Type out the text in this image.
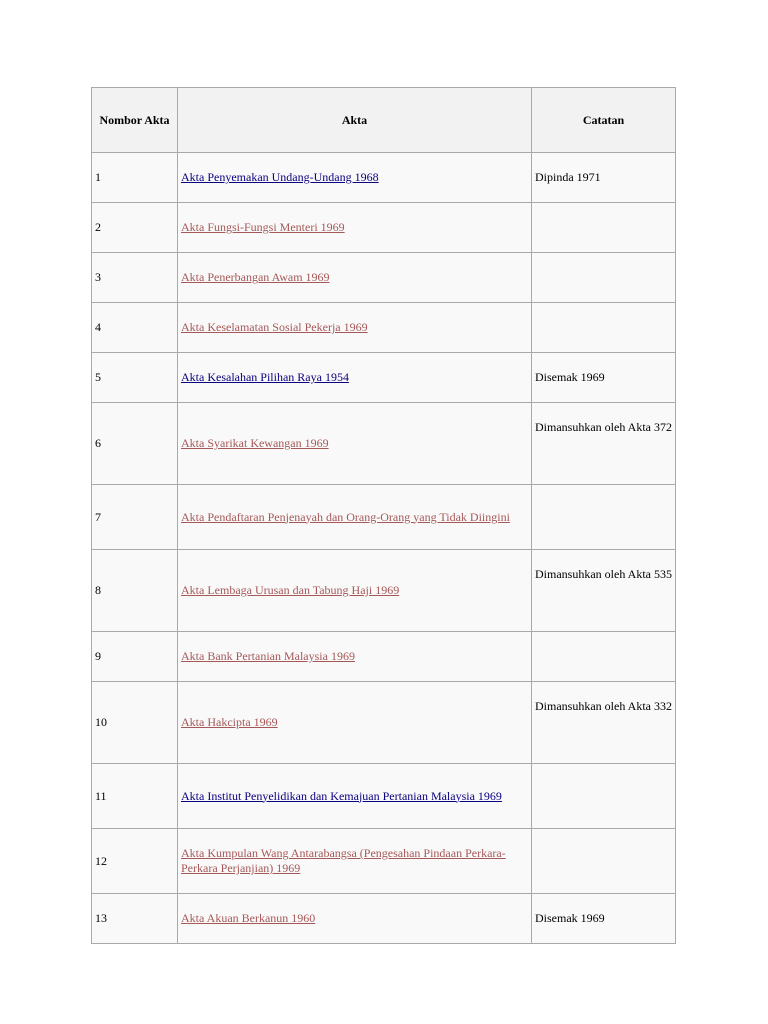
Nombor Akta	Akta	Catatan
1	Akta Penyemakan Undang-Undang 1968	Dipinda 1971
2	Akta Fungsi-Fungsi Menteri 1969	
3	Akta Penerbangan Awam 1969	
4	Akta Keselamatan Sosial Pekerja 1969	
5	Akta Kesalahan Pilihan Raya 1954	Disemak 1969
6	Akta Syarikat Kewangan 1969	Dimansuhkan oleh Akta 372
7	Akta Pendaftaran Penjenayah dan Orang-Orang yang Tidak Diingini	
8	Akta Lembaga Urusan dan Tabung Haji 1969	Dimansuhkan oleh Akta 535
9	Akta Bank Pertanian Malaysia 1969	
10	Akta Hakcipta 1969	Dimansuhkan oleh Akta 332
11	Akta Institut Penyelidikan dan Kemajuan Pertanian Malaysia 1969	
12	Akta Kumpulan Wang Antarabangsa (Pengesahan Pindaan Perkara-Perkara Perjanjian) 1969	
13	Akta Akuan Berkanun 1960	Disemak 1969
